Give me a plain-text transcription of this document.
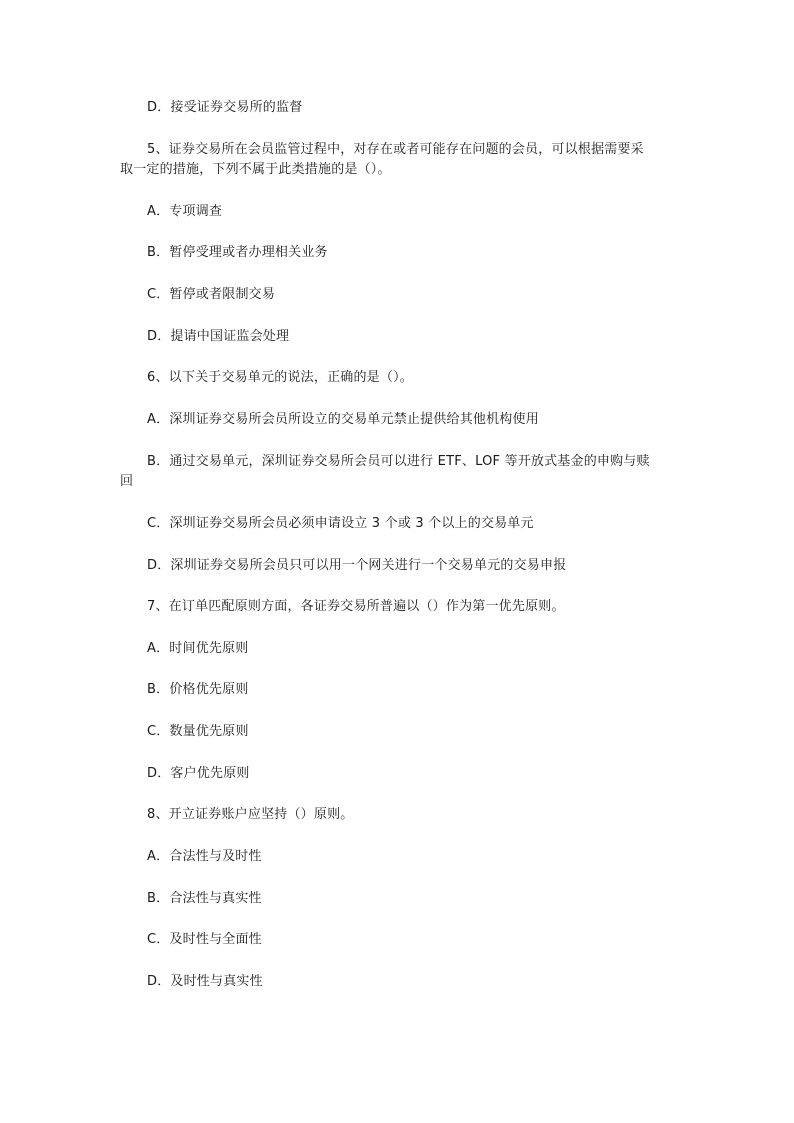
D．接受证券交易所的监督
5、证券交易所在会员监管过程中，对存在或者可能存在问题的会员，可以根据需要采
取一定的措施，下列不属于此类措施的是（）。
A．专项调查
B．暂停受理或者办理相关业务
C．暂停或者限制交易
D．提请中国证监会处理
6、以下关于交易单元的说法，正确的是（）。
A．深圳证券交易所会员所设立的交易单元禁止提供给其他机构使用
B．通过交易单元，深圳证券交易所会员可以进行 ETF、LOF 等开放式基金的申购与赎
回
C．深圳证券交易所会员必须申请设立 3 个或 3 个以上的交易单元
D．深圳证券交易所会员只可以用一个网关进行一个交易单元的交易申报
7、在订单匹配原则方面，各证券交易所普遍以（）作为第一优先原则。
A．时间优先原则
B．价格优先原则
C．数量优先原则
D．客户优先原则
8、开立证券账户应坚持（）原则。
A．合法性与及时性
B．合法性与真实性
C．及时性与全面性
D．及时性与真实性
